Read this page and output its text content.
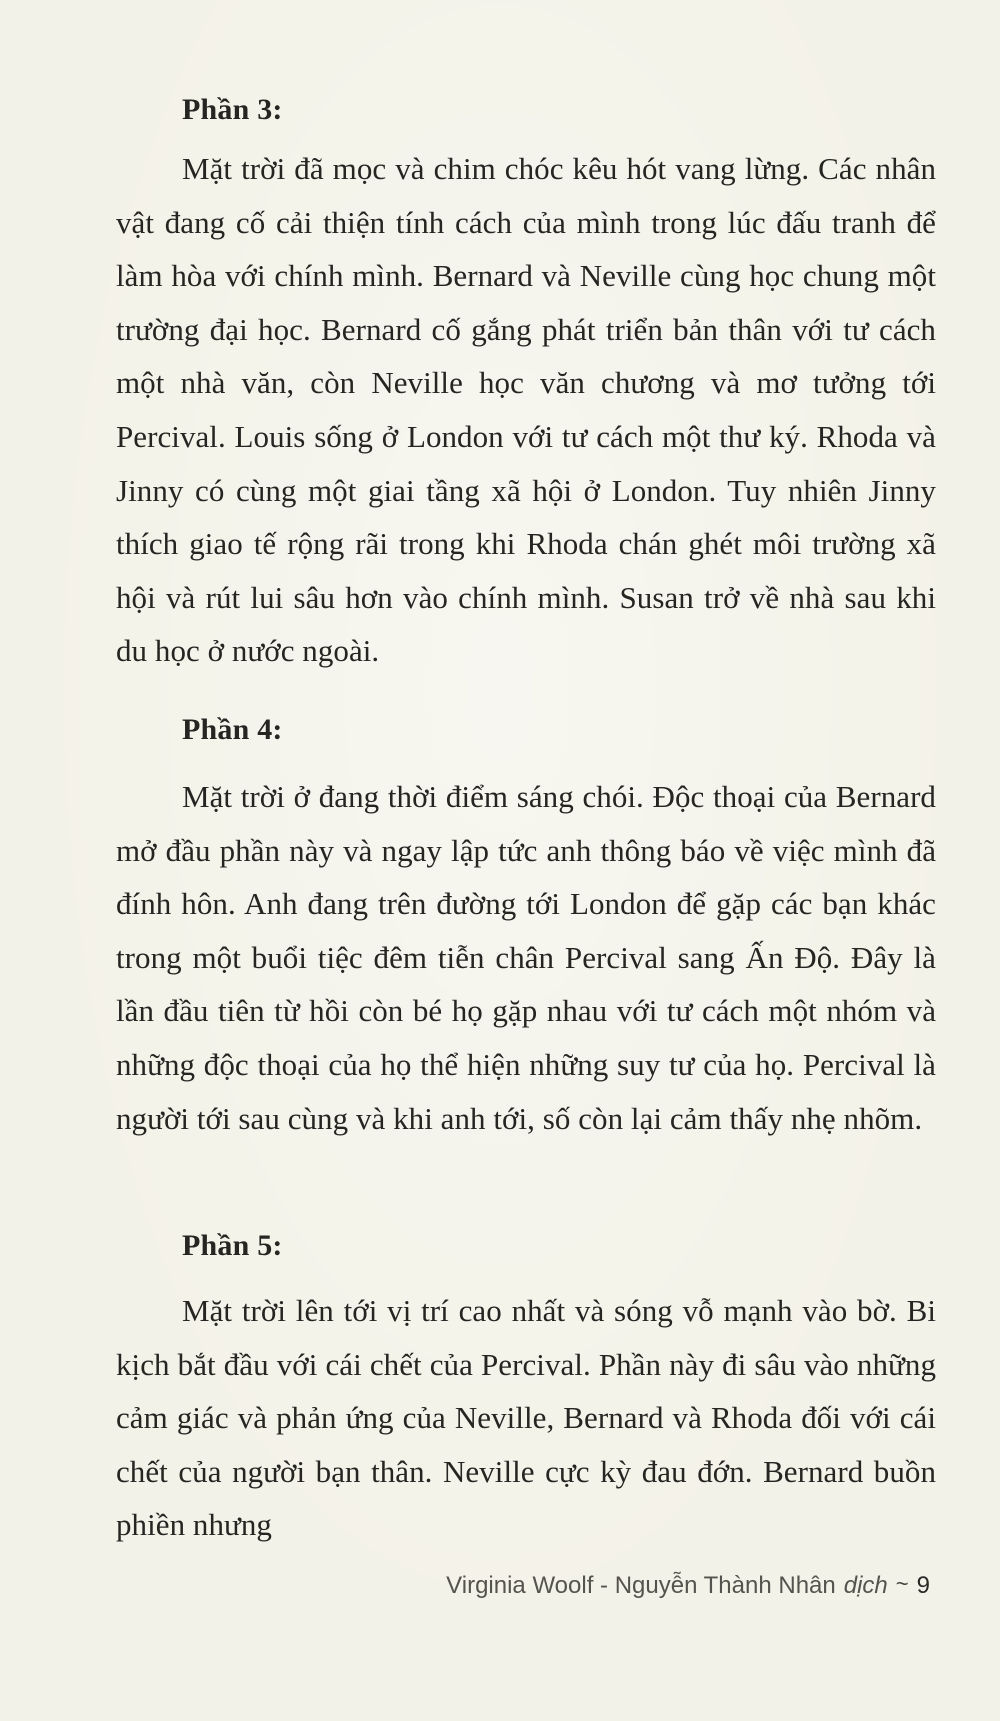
Phần 3:
Mặt trời đã mọc và chim chóc kêu hót vang lừng. Các nhân vật đang cố cải thiện tính cách của mình trong lúc đấu tranh để làm hòa với chính mình. Bernard và Neville cùng học chung một trường đại học. Bernard cố gắng phát triển bản thân với tư cách một nhà văn, còn Neville học văn chương và mơ tưởng tới Percival. Louis sống ở London với tư cách một thư ký. Rhoda và Jinny có cùng một giai tầng xã hội ở London. Tuy nhiên Jinny thích giao tế rộng rãi trong khi Rhoda chán ghét môi trường xã hội và rút lui sâu hơn vào chính mình. Susan trở về nhà sau khi du học ở nước ngoài.
Phần 4:
Mặt trời ở đang thời điểm sáng chói. Độc thoại của Bernard mở đầu phần này và ngay lập tức anh thông báo về việc mình đã đính hôn. Anh đang trên đường tới London để gặp các bạn khác trong một buổi tiệc đêm tiễn chân Percival sang Ấn Độ. Đây là lần đầu tiên từ hồi còn bé họ gặp nhau với tư cách một nhóm và những độc thoại của họ thể hiện những suy tư của họ. Percival là người tới sau cùng và khi anh tới, số còn lại cảm thấy nhẹ nhõm.
Phần 5:
Mặt trời lên tới vị trí cao nhất và sóng vỗ mạnh vào bờ. Bi kịch bắt đầu với cái chết của Percival. Phần này đi sâu vào những cảm giác và phản ứng của Neville, Bernard và Rhoda đối với cái chết của người bạn thân. Neville cực kỳ đau đớn. Bernard buồn phiền nhưng
Virginia Woolf - Nguyễn Thành Nhân dịch ~ 9
